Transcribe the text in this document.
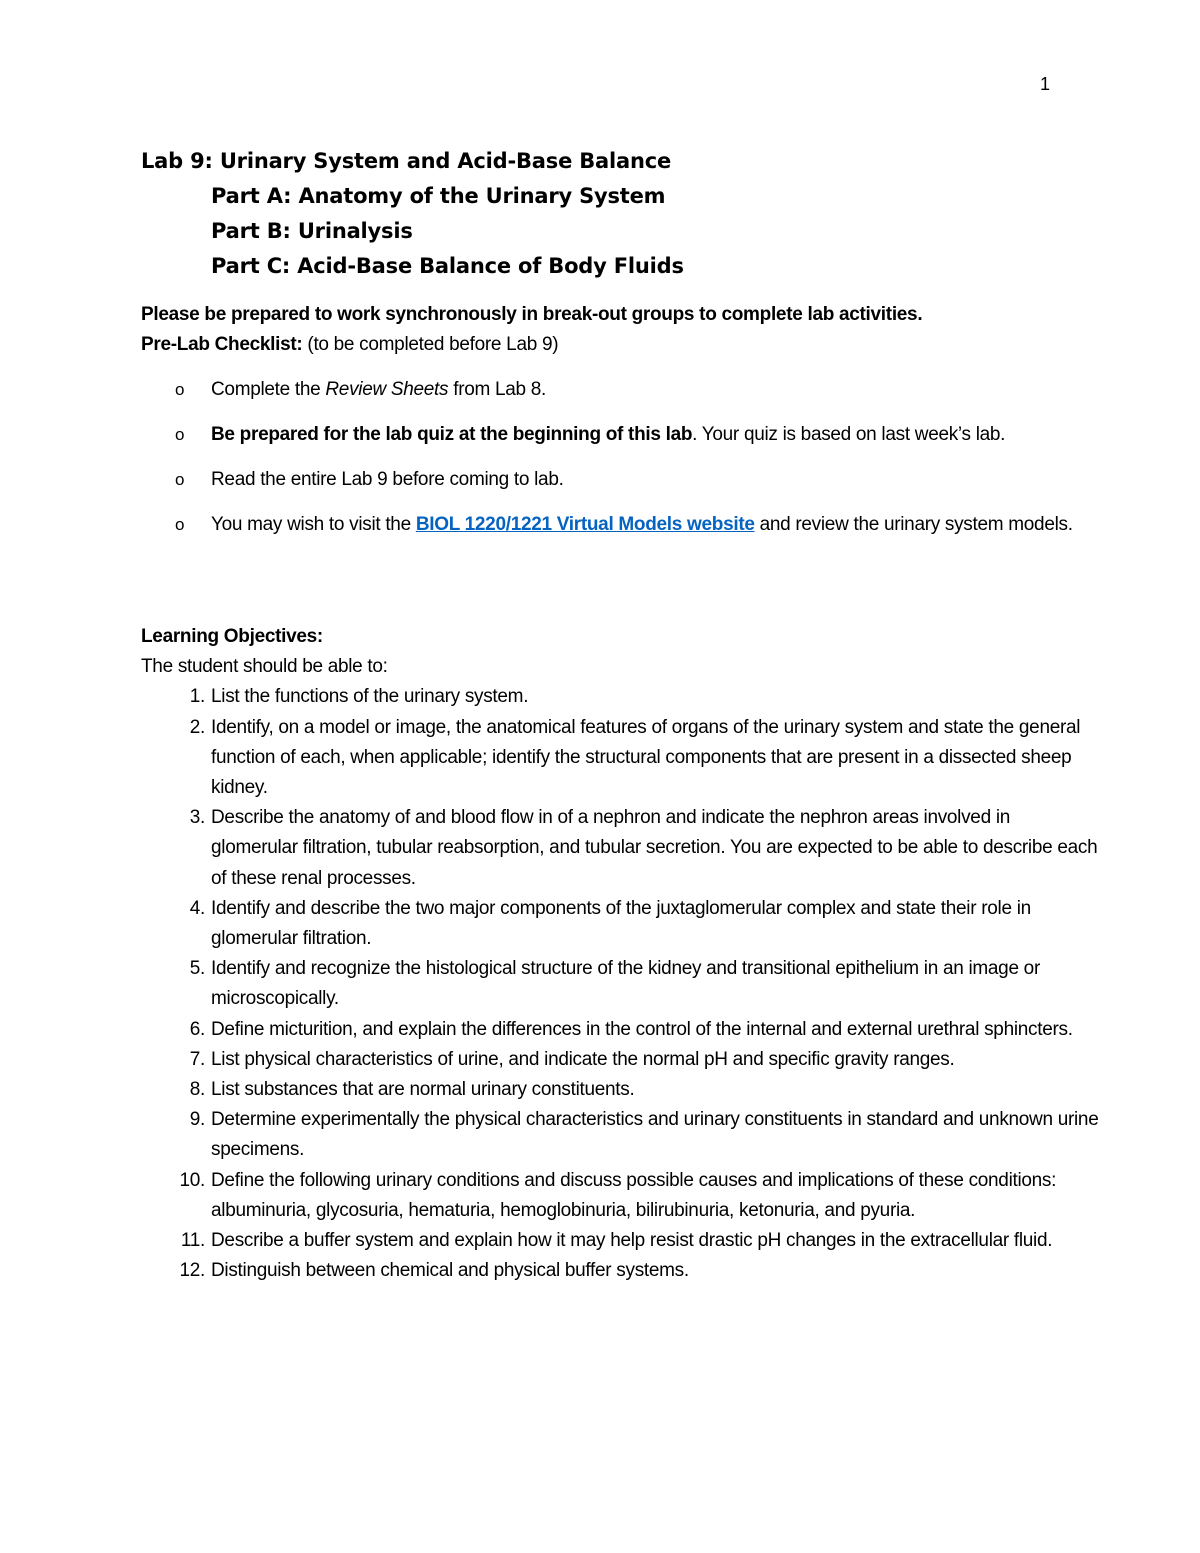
1
Lab 9: Urinary System and Acid-Base Balance
Part A: Anatomy of the Urinary System
Part B: Urinalysis
Part C: Acid-Base Balance of Body Fluids
Please be prepared to work synchronously in break-out groups to complete lab activities.
Pre-Lab Checklist: (to be completed before Lab 9)
o Complete the Review Sheets from Lab 8.
o Be prepared for the lab quiz at the beginning of this lab. Your quiz is based on last week’s lab.
o Read the entire Lab 9 before coming to lab.
o You may wish to visit the BIOL 1220/1221 Virtual Models website and review the urinary system models.
Learning Objectives:
The student should be able to:
1. List the functions of the urinary system.
2. Identify, on a model or image, the anatomical features of organs of the urinary system and state the general function of each, when applicable; identify the structural components that are present in a dissected sheep kidney.
3. Describe the anatomy of and blood flow in of a nephron and indicate the nephron areas involved in glomerular filtration, tubular reabsorption, and tubular secretion. You are expected to be able to describe each of these renal processes.
4. Identify and describe the two major components of the juxtaglomerular complex and state their role in glomerular filtration.
5. Identify and recognize the histological structure of the kidney and transitional epithelium in an image or microscopically.
6. Define micturition, and explain the differences in the control of the internal and external urethral sphincters.
7. List physical characteristics of urine, and indicate the normal pH and specific gravity ranges.
8. List substances that are normal urinary constituents.
9. Determine experimentally the physical characteristics and urinary constituents in standard and unknown urine specimens.
10. Define the following urinary conditions and discuss possible causes and implications of these conditions: albuminuria, glycosuria, hematuria, hemoglobinuria, bilirubinuria, ketonuria, and pyuria.
11. Describe a buffer system and explain how it may help resist drastic pH changes in the extracellular fluid.
12. Distinguish between chemical and physical buffer systems.
